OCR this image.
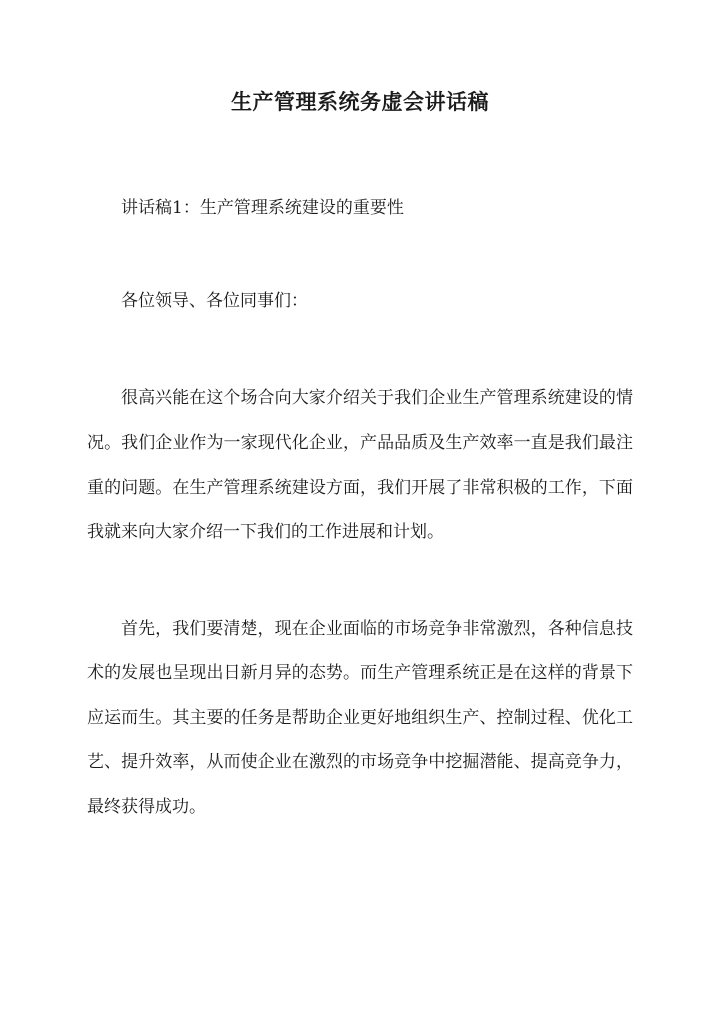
生产管理系统务虚会讲话稿

讲话稿1：生产管理系统建设的重要性

各位领导、各位同事们：

很高兴能在这个场合向大家介绍关于我们企业生产管理系统建设的情

况。我们企业作为一家现代化企业，产品品质及生产效率一直是我们最注

重的问题。在生产管理系统建设方面，我们开展了非常积极的工作，下面

我就来向大家介绍一下我们的工作进展和计划。

首先，我们要清楚，现在企业面临的市场竞争非常激烈，各种信息技

术的发展也呈现出日新月异的态势。而生产管理系统正是在这样的背景下

应运而生。其主要的任务是帮助企业更好地组织生产、控制过程、优化工

艺、提升效率，从而使企业在激烈的市场竞争中挖掘潜能、提高竞争力，

最终获得成功。
